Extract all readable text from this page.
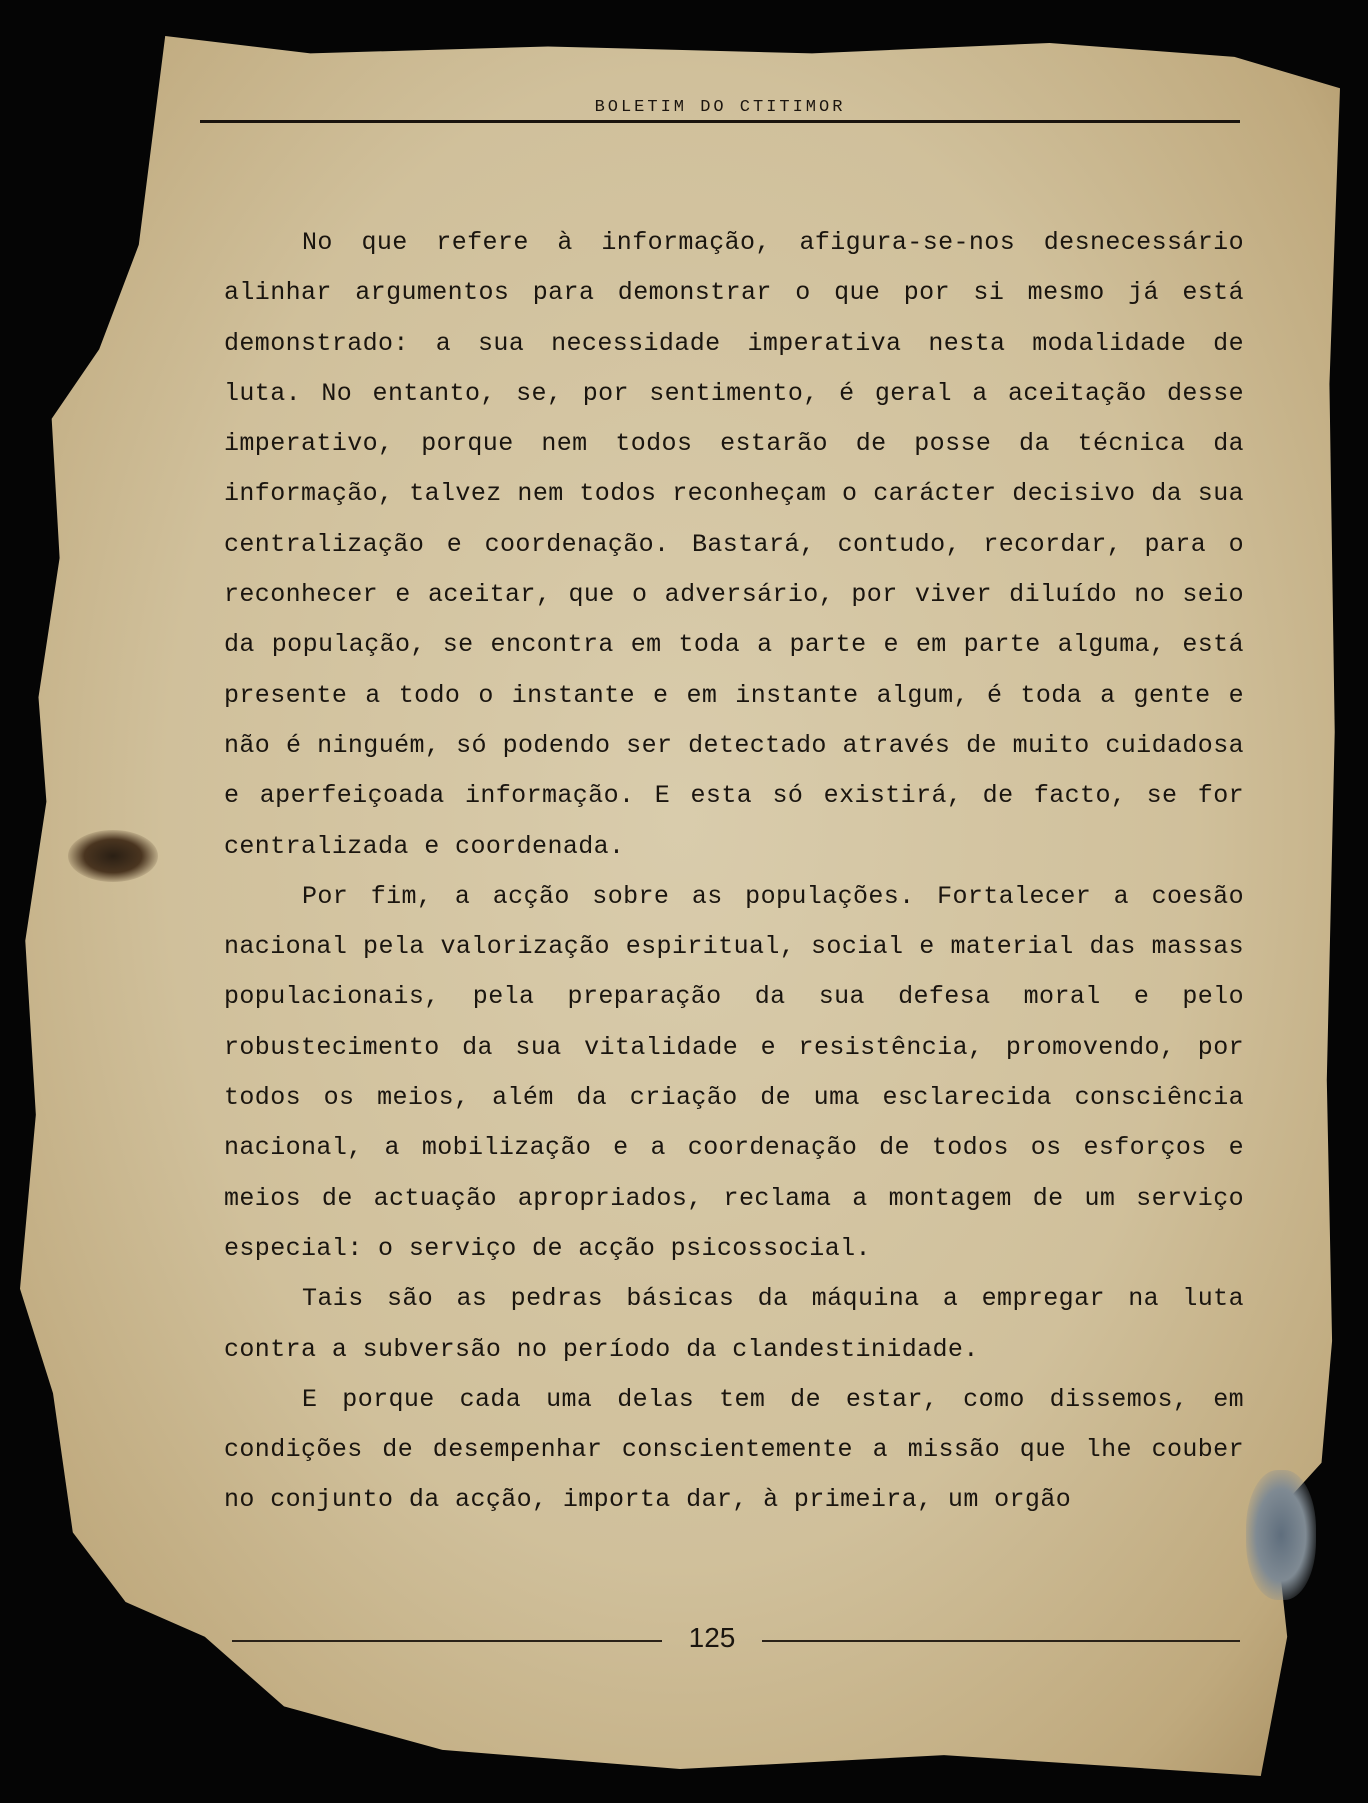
BOLETIM DO CTITIMOR

No que refere à informação, afigura-se-nos desnecessário alinhar argumentos para demonstrar o que por si mesmo já está demonstrado: a sua necessidade imperativa nesta modalidade de luta. No entanto, se, por sentimento, é geral a aceitação desse imperativo, porque nem todos estarão de posse da técnica da informação, talvez nem todos reconheçam o carácter decisivo da sua centralização e coordenação. Bastará, contudo, recordar, para o reconhecer e aceitar, que o adversário, por viver diluído no seio da população, se encontra em toda a parte e em parte alguma, está presente a todo o instante e em instante algum, é toda a gente e não é ninguém, só podendo ser detectado através de muito cuidadosa e aperfeiçoada informação. E esta só existirá, de facto, se for centralizada e coordenada.

Por fim, a acção sobre as populações. Fortalecer a coesão nacional pela valorização espiritual, social e material das massas populacionais, pela preparação da sua defesa moral e pelo robustecimento da sua vitalidade e resistência, promovendo, por todos os meios, além da criação de uma esclarecida consciência nacional, a mobilização e a coordenação de todos os esforços e meios de actuação apropriados, reclama a montagem de um serviço especial: o serviço de acção psicossocial.

Tais são as pedras básicas da máquina a empregar na luta contra a subversão no período da clandestinidade.

E porque cada uma delas tem de estar, como dissemos, em condições de desempenhar conscientemente a missão que lhe couber no conjunto da acção, importa dar, à primeira, um orgão

125
